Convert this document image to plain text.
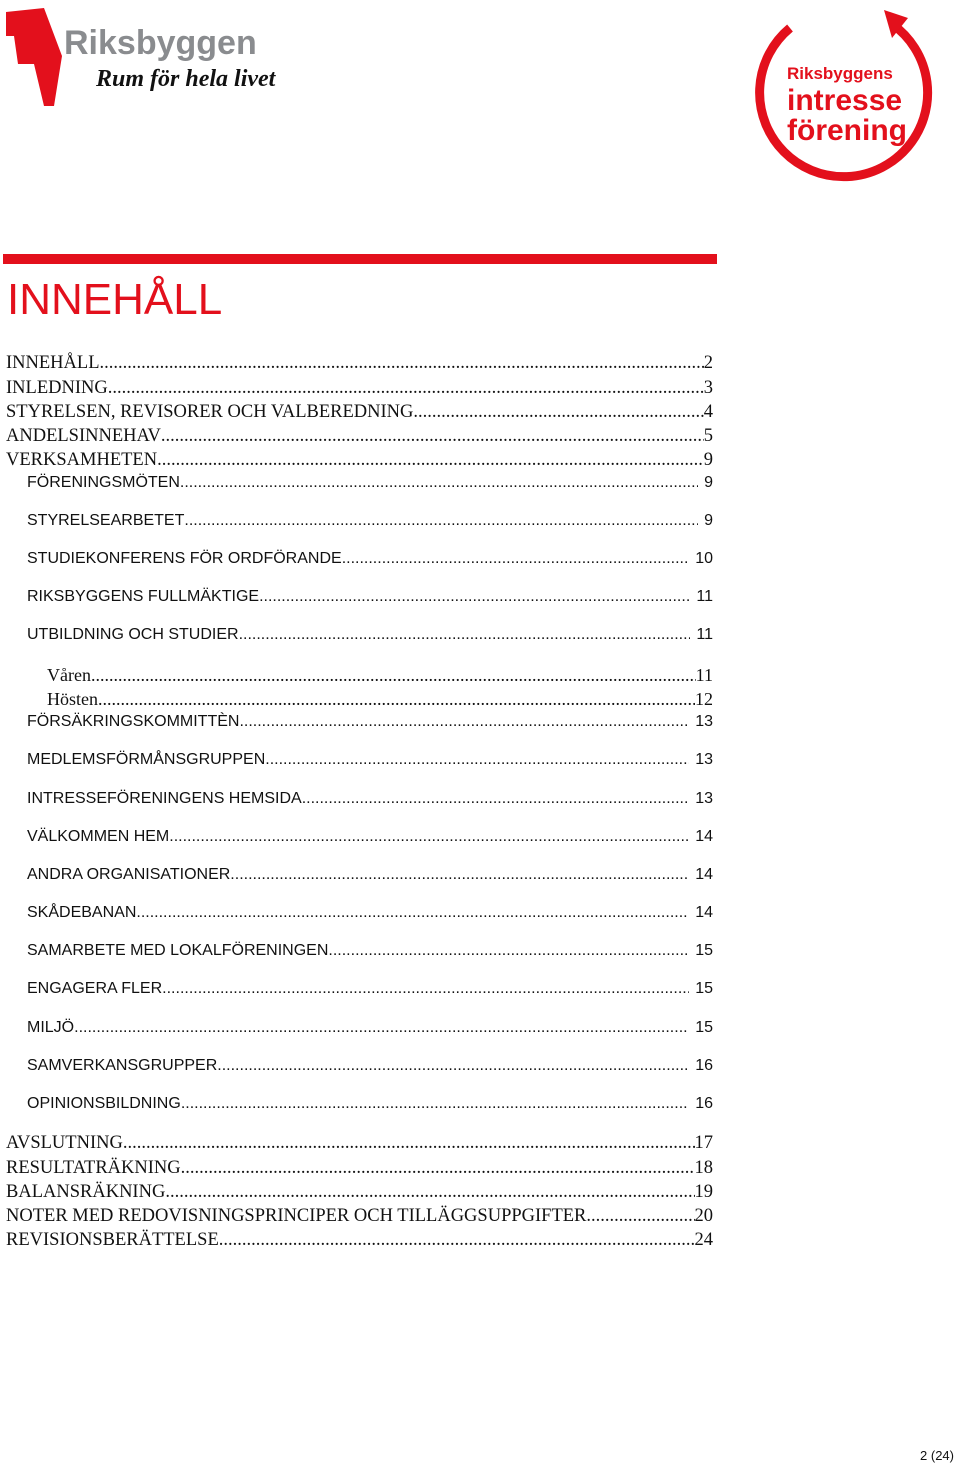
Riksbyggen
Rum för hela livet	Riksbyggens
intresse
förening
INNEHÅLL
INNEHÅLL .....	2
INLEDNING .....	3
STYRELSEN, REVISORER OCH VALBEREDNING .....	4
ANDELSINNEHAV .....	5
VERKSAMHETEN .....	9
FÖRENINGSMÖTEN .....	9
STYRELSEARBETET .....	9
STUDIEKONFERENS FÖR ORDFÖRANDE .....	10
RIKSBYGGENS FULLMÄKTIGE .....	11
UTBILDNING OCH STUDIER .....	11
Våren .....	11
Hösten .....	12
FÖRSÄKRINGSKOMMITTÈN .....	13
MEDLEMSFÖRMÅNSGRUPPEN .....	13
INTRESSEFÖRENINGENS HEMSIDA .....	13
VÄLKOMMEN HEM .....	14
ANDRA ORGANISATIONER .....	14
SKÅDEBANAN .....	14
SAMARBETE MED LOKALFÖRENINGEN .....	15
ENGAGERA FLER .....	15
MILJÖ .....	15
SAMVERKANSGRUPPER .....	16
OPINIONSBILDNING .....	16
AVSLUTNING .....	17
RESULTATRÄKNING .....	18
BALANSRÄKNING .....	19
NOTER MED REDOVISNINGSPRINCIPER OCH TILLÄGGSUPPGIFTER .....	20
REVISIONSBERÄTTELSE .....	24
2 (24)
